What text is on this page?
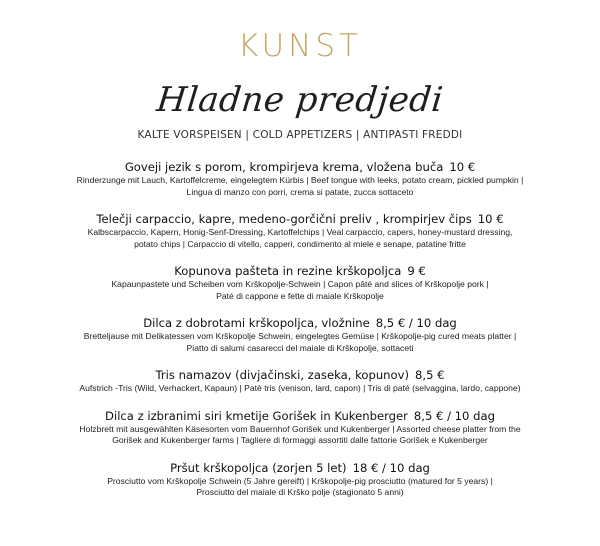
KUNST
Hladne predjedi
KALTE VORSPEISEN | COLD APPETIZERS | ANTIPASTI FREDDI
Goveji jezik s porom, krompirjeva krema, vložena buča 10 €
Rinderzunge mit Lauch, Kartoffelcreme, eingelegtem Kürbis | Beef tongue with leeks, potato cream, pickled pumpkin |
Lingua di manzo con porri, crema si patate, zucca sottaceto
Telečji carpaccio, kapre, medeno-gorčični preliv , krompirjev čips 10 €
Kalbscarpaccio, Kapern, Honig-Senf-Dressing, Kartoffelchips | Veal carpaccio, capers, honey-mustard dressing,
potato chips | Carpaccio di vitello, capperi, condimento al miele e senape, patatine fritte
Kopunova pašteta in rezine krškopoljca 9 €
Kapaunpastete und Scheiben vom Krškopolje-Schwein | Capon pâté and slices of Krškopolje pork |
Paté di cappone e fette di maiale Krškopolje
Dilca z dobrotami krškopoljca, vložnine 8,5 € / 10 dag
Bretteljause mit Delikatessen vom Krškopolje Schwein, eingelegtes Gemüse | Krškopolje-pig cured meats platter |
Piatto di salumi casarecci del maiale di Krškopolje, sottaceti
Tris namazov (divjačinski, zaseka, kopunov) 8,5 €
Aufstrich -Tris (Wild, Verhackert, Kapaun) | Patè tris (venison, lard, capon) | Tris di paté (selvaggina, lardo, cappone)
Dilca z izbranimi siri kmetije Gorišek in Kukenberger 8,5 € / 10 dag
Holzbrett mit ausgewählten Käsesorten vom Bauernhof Gorišek und Kukenberger | Assorted cheese platter from the
Gorišek and Kukenberger farms | Tagliere di formaggi assortiti dalle fattorie Gorišek e Kukenberger
Pršut krškopoljca (zorjen 5 let) 18 € / 10 dag
Prosciutto vom Krškopolje Schwein (5 Jahre gereift) | Krškopolje-pig prosciutto (matured for 5 years) |
Prosciutto del maiale di Krško polje (stagionato 5 anni)
